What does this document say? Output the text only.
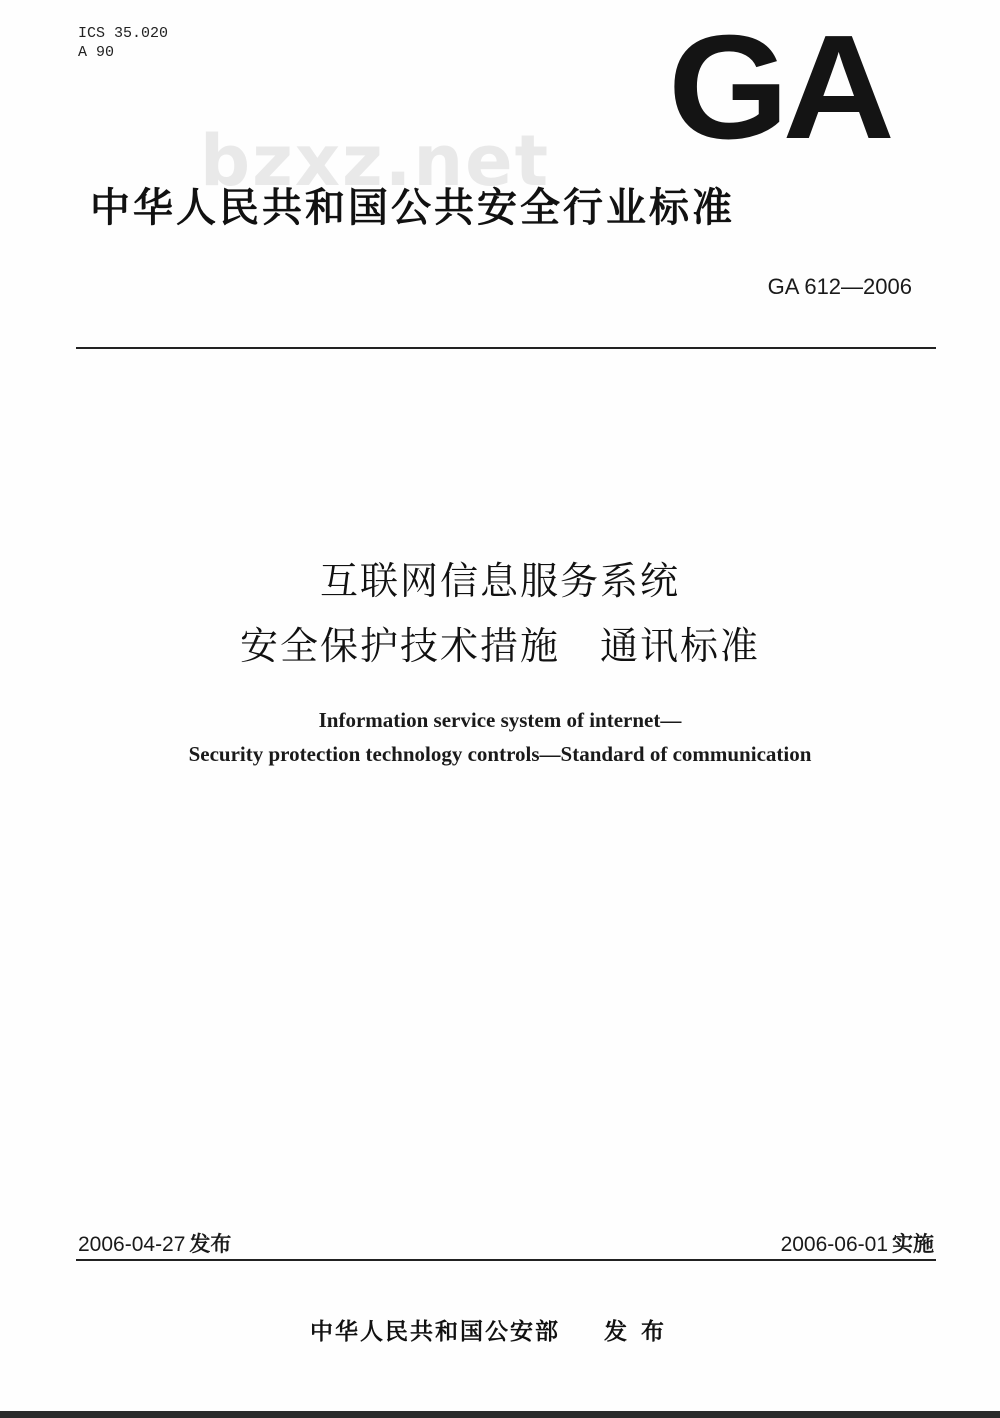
ICS 35.020
A 90	GA
bzxz.net
中华人民共和国公共安全行业标准
GA 612—2006
互联网信息服务系统
安全保护技术措施　通讯标准
Information service system of internet—
Security protection technology controls—Standard of communication
2006-04-27 发布	2006-06-01 实施
中华人民共和国公安部 发布
